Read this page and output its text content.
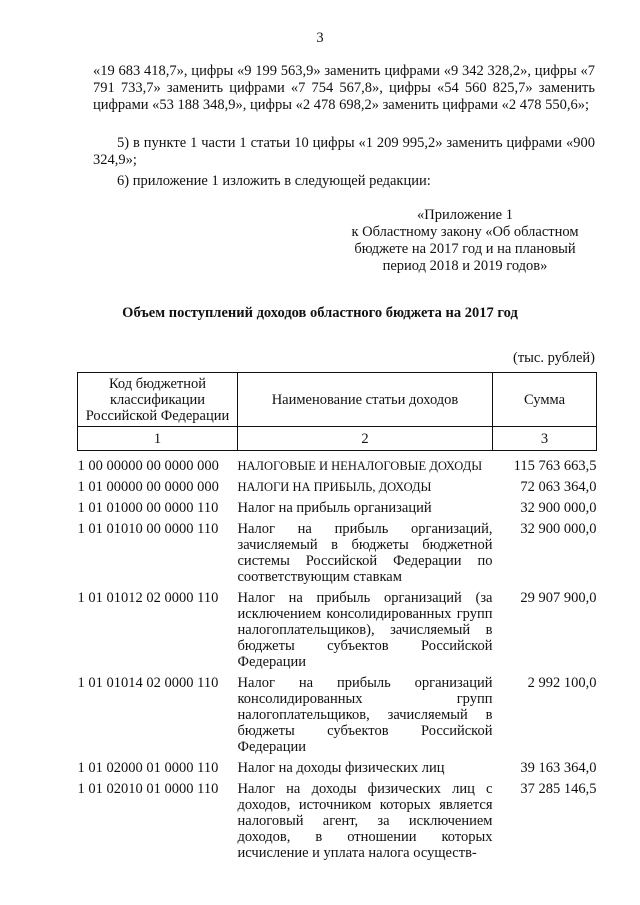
3
«19 683 418,7», цифры «9 199 563,9» заменить цифрами «9 342 328,2», цифры «7 791 733,7» заменить цифрами «7 754 567,8», цифры «54 560 825,7» заменить цифрами «53 188 348,9», цифры «2 478 698,2» заменить цифрами «2 478 550,6»;
5) в пункте 1 части 1 статьи 10 цифры «1 209 995,2» заменить цифрами «900 324,9»;
6) приложение 1 изложить в следующей редакции:
«Приложение 1
к Областному закону «Об областном бюджете на 2017 год и на плановый период 2018 и 2019 годов»
Объем поступлений доходов областного бюджета на 2017 год
(тыс. рублей)
Код бюджетной классификации Российской Федерации	Наименование статьи доходов	Сумма
1	2	3
1 00 00000 00 0000 000	НАЛОГОВЫЕ И НЕНАЛОГОВЫЕ ДОХОДЫ	115 763 663,5
1 01 00000 00 0000 000	НАЛОГИ НА ПРИБЫЛЬ, ДОХОДЫ	72 063 364,0
1 01 01000 00 0000 110	Налог на прибыль организаций	32 900 000,0
1 01 01010 00 0000 110	Налог на прибыль организаций, зачисляемый в бюджеты бюджетной системы Российской Федерации по соответствующим ставкам	32 900 000,0
1 01 01012 02 0000 110	Налог на прибыль организаций (за исключением консолидированных групп налогоплательщиков), зачисляемый в бюджеты субъектов Российской Федерации	29 907 900,0
1 01 01014 02 0000 110	Налог на прибыль организаций консолидированных групп налогоплательщиков, зачисляемый в бюджеты субъектов Российской Федерации	2 992 100,0
1 01 02000 01 0000 110	Налог на доходы физических лиц	39 163 364,0
1 01 02010 01 0000 110	Налог на доходы физических лиц с доходов, источником которых является налоговый агент, за исключением доходов, в отношении которых исчисление и уплата налога осуществ-	37 285 146,5
